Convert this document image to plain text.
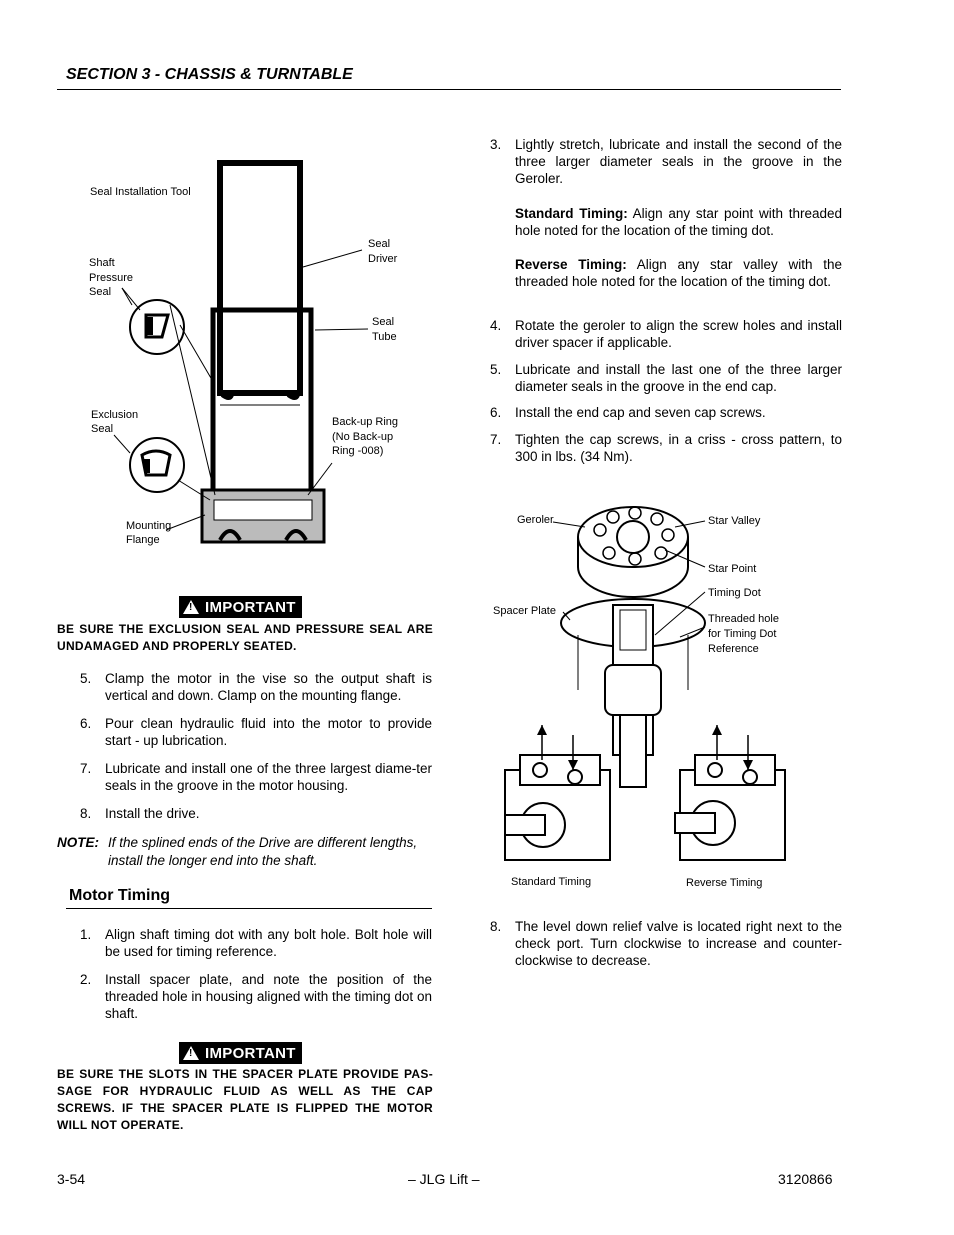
SECTION 3 - CHASSIS & TURNTABLE
Seal Installation Tool
Shaft
Pressure
Seal
Seal
Driver
Seal
Tube
Exclusion
Seal
Back-up Ring
(No Back-up
Ring -008)
Mounting
Flange
! IMPORTANT
BE SURE THE EXCLUSION SEAL AND PRESSURE SEAL ARE UNDAMAGED AND PROPERLY SEATED.
5. Clamp the motor in the vise so the output shaft is vertical and down. Clamp on the mounting flange.
6. Pour clean hydraulic fluid into the motor to provide start - up lubrication.
7. Lubricate and install one of the three largest diame-ter seals in the groove in the motor housing.
8. Install the drive.
NOTE: If the splined ends of the Drive are different lengths, install the longer end into the shaft.
Motor Timing
1. Align shaft timing dot with any bolt hole. Bolt hole will be used for timing reference.
2. Install spacer plate, and note the position of the threaded hole in housing aligned with the timing dot on shaft.
! IMPORTANT
BE SURE THE SLOTS IN THE SPACER PLATE PROVIDE PAS-SAGE FOR HYDRAULIC FLUID AS WELL AS THE CAP SCREWS. IF THE SPACER PLATE IS FLIPPED THE MOTOR WILL NOT OPERATE.
3. Lightly stretch, lubricate and install the second of the three larger diameter seals in the groove in the Geroler.
Standard Timing: Align any star point with threaded hole noted for the location of the timing dot.
Reverse Timing: Align any star valley with the threaded hole noted for the location of the timing dot.
4. Rotate the geroler to align the screw holes and install driver spacer if applicable.
5. Lubricate and install the last one of the three larger diameter seals in the groove in the end cap.
6. Install the end cap and seven cap screws.
7. Tighten the cap screws, in a criss - cross pattern, to 300 in lbs. (34 Nm).
Geroler	Star Valley
Star Point
Timing Dot
Spacer Plate
Threaded hole
for Timing Dot
Reference
Standard Timing	Reverse Timing
8. The level down relief valve is located right next to the check port. Turn clockwise to increase and counter-clockwise to decrease.
3-54	– JLG Lift –	3120866
